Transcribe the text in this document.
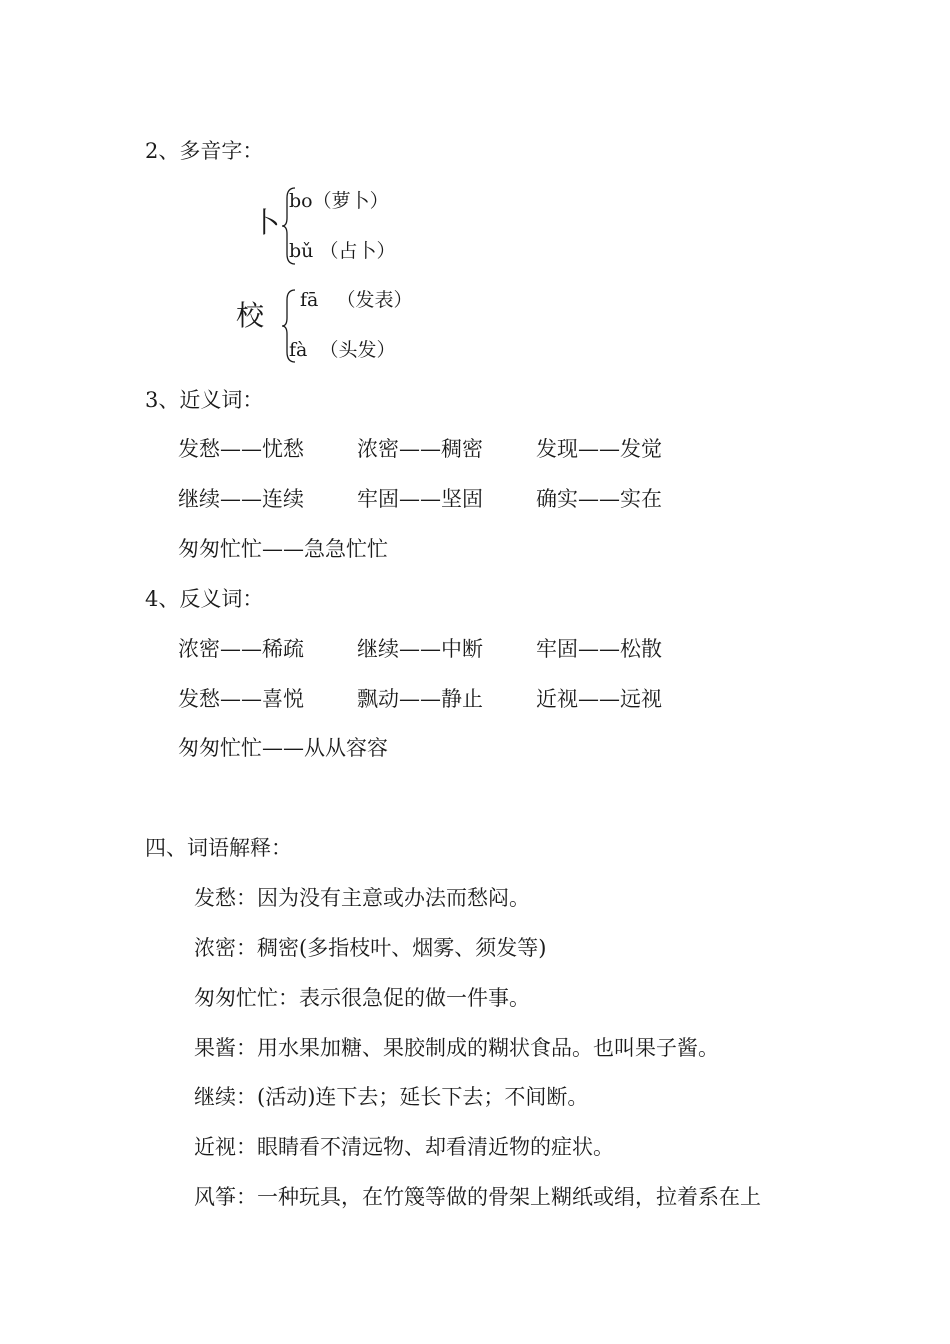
2、多音字：
卜
bo（萝卜）
bǔ （占卜）
校 fā （发表）
fà （头发）
3、近义词：
发愁——忧愁	浓密——稠密	发现——发觉
继续——连续	牢固——坚固	确实——实在
匆匆忙忙——急急忙忙
4、反义词：
浓密——稀疏	继续——中断	牢固——松散
发愁——喜悦	飘动——静止	近视——远视
匆匆忙忙——从从容容
四、词语解释：
发愁：因为没有主意或办法而愁闷。
浓密：稠密(多指枝叶、烟雾、须发等)
匆匆忙忙：表示很急促的做一件事。
果酱：用水果加糖、果胶制成的糊状食品。也叫果子酱。
继续：(活动)连下去；延长下去；不间断。
近视：眼睛看不清远物、却看清近物的症状。
风筝：一种玩具，在竹篾等做的骨架上糊纸或绢，拉着系在上
